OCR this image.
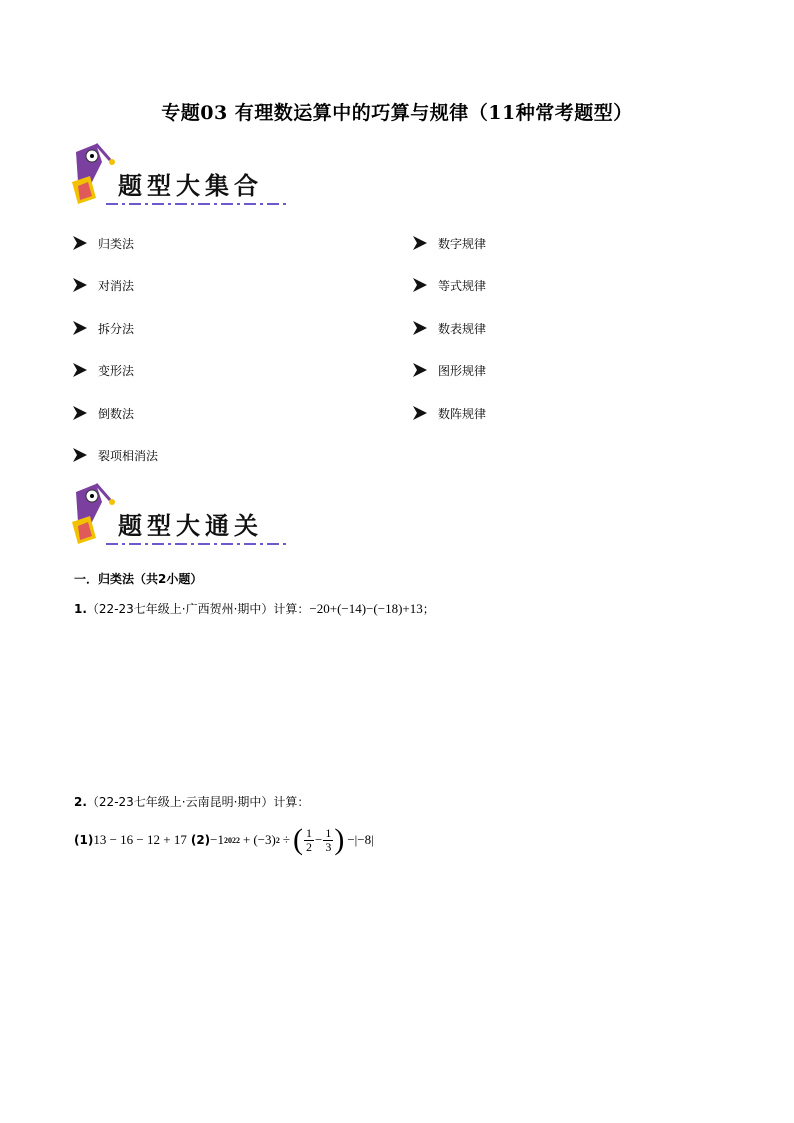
专题03 有理数运算中的巧算与规律（11种常考题型）
题型大集合
归类法
对消法
拆分法
变形法
倒数法
裂项相消法
数字规律
等式规律
数表规律
图形规律
数阵规律
题型大通关
一．归类法（共2小题）
1.（22-23七年级上·广西贺州·期中）计算：−20+(−14)−(−18)+13；
2.（22-23七年级上·云南昆明·期中）计算：
(1) 13 − 16 − 12 + 17 (2) −1 2022 + (−3) 2 ÷ ( $\frac{1}{2} - \frac{1}{3}$ ) −|−8|
